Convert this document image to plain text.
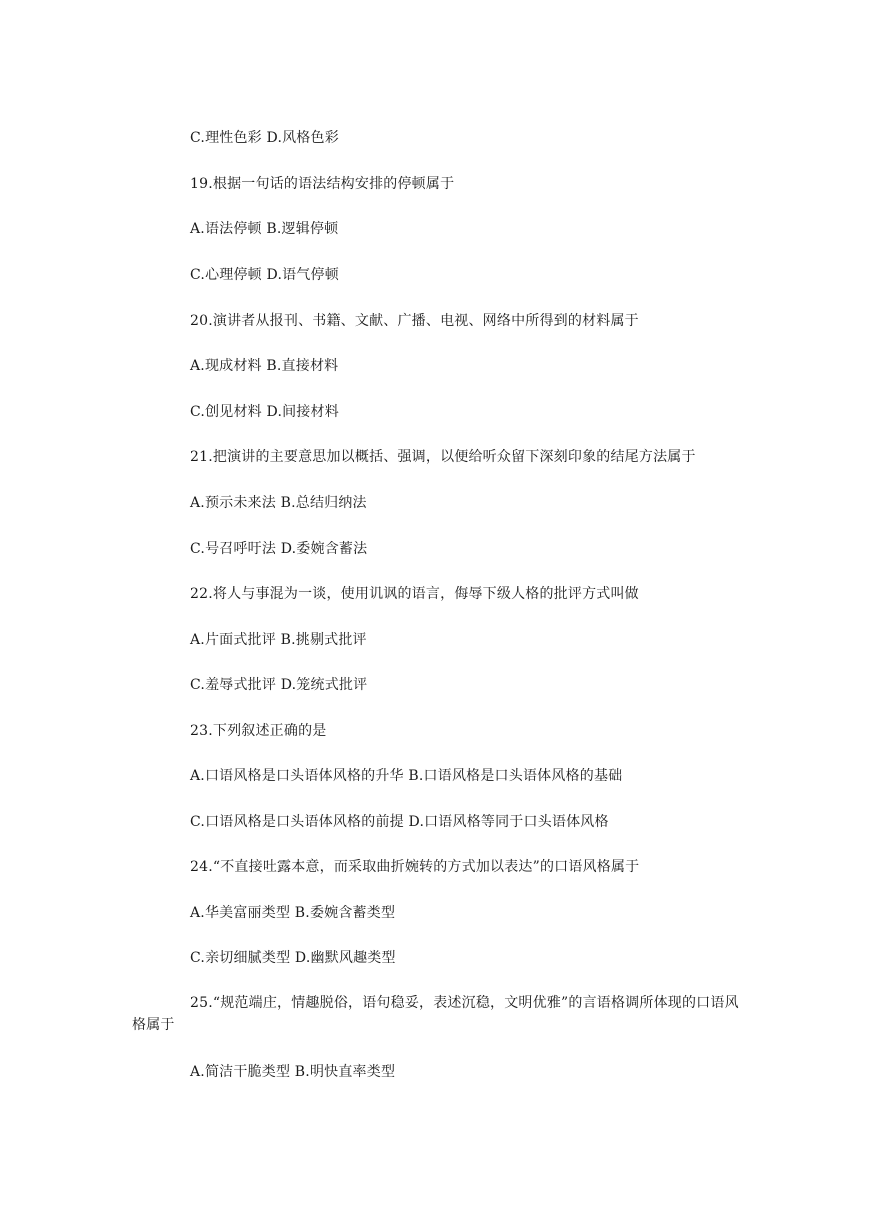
C.理性色彩 D.风格色彩
19.根据一句话的语法结构安排的停顿属于
A.语法停顿 B.逻辑停顿
C.心理停顿 D.语气停顿
20.演讲者从报刊、书籍、文献、广播、电视、网络中所得到的材料属于
A.现成材料 B.直接材料
C.创见材料 D.间接材料
21.把演讲的主要意思加以概括、强调，以便给听众留下深刻印象的结尾方法属于
A.预示未来法 B.总结归纳法
C.号召呼吁法 D.委婉含蓄法
22.将人与事混为一谈，使用讥讽的语言，侮辱下级人格的批评方式叫做
A.片面式批评 B.挑剔式批评
C.羞辱式批评 D.笼统式批评
23.下列叙述正确的是
A.口语风格是口头语体风格的升华 B.口语风格是口头语体风格的基础
C.口语风格是口头语体风格的前提 D.口语风格等同于口头语体风格
24.“不直接吐露本意，而采取曲折婉转的方式加以表达”的口语风格属于
A.华美富丽类型 B.委婉含蓄类型
C.亲切细腻类型 D.幽默风趣类型
25.“规范端庄，情趣脱俗，语句稳妥，表述沉稳，文明优雅”的言语格调所体现的口语风格属于
A.简洁干脆类型 B.明快直率类型
